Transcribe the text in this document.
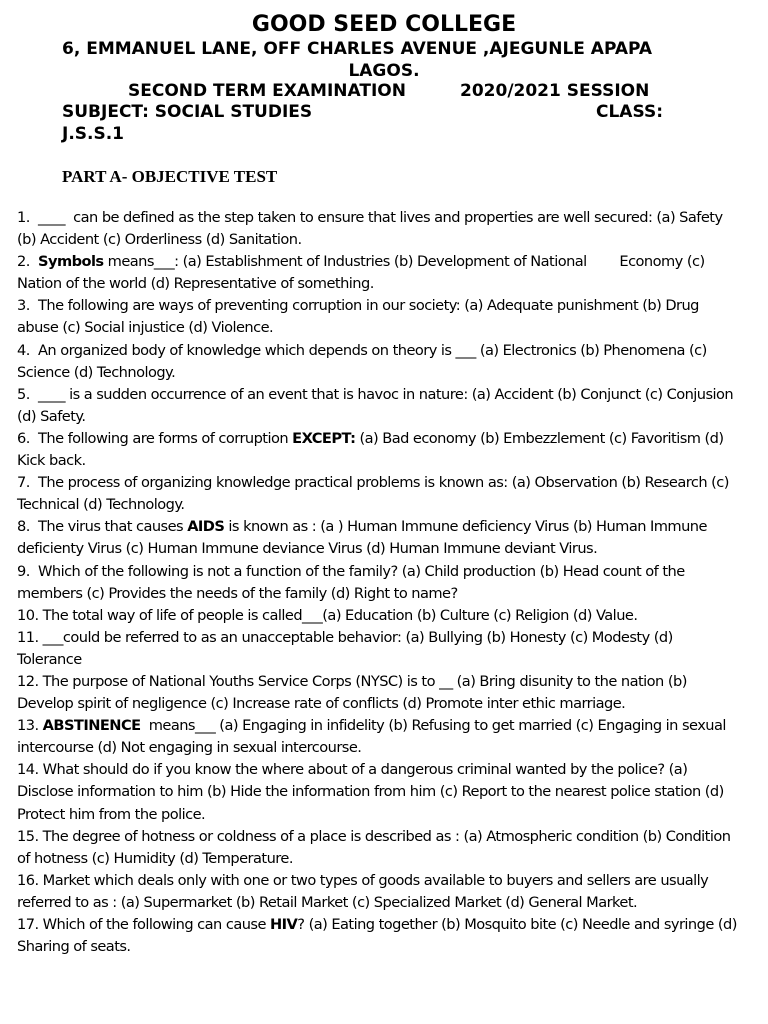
GOOD SEED COLLEGE
6, EMMANUEL LANE, OFF CHARLES AVENUE ,AJEGUNLE APAPA
LAGOS.
SECOND TERM EXAMINATION	2020/2021 SESSION
SUBJECT: SOCIAL STUDIES	CLASS:
J.S.S.1
PART A- OBJECTIVE TEST

1.  ____  can be defined as the step taken to ensure that lives and properties are well secured: (a) Safety (b) Accident (c) Orderliness (d) Sanitation.

2.  Symbols means___: (a) Establishment of Industries (b) Development of National        Economy (c) Nation of the world (d) Representative of something.

3.  The following are ways of preventing corruption in our society: (a) Adequate punishment (b) Drug abuse (c) Social injustice (d) Violence.

4.  An organized body of knowledge which depends on theory is ___ (a) Electronics (b) Phenomena (c) Science (d) Technology.

5.  ____ is a sudden occurrence of an event that is havoc in nature: (a) Accident (b) Conjunct (c) Conjusion (d) Safety.

6.  The following are forms of corruption EXCEPT: (a) Bad economy (b) Embezzlement (c) Favoritism (d) Kick back.

7.  The process of organizing knowledge practical problems is known as: (a) Observation (b) Research (c) Technical (d) Technology.

8.  The virus that causes AIDS is known as : (a ) Human Immune deficiency Virus (b) Human Immune deficienty Virus (c) Human Immune deviance Virus (d) Human Immune deviant Virus.

9.  Which of the following is not a function of the family? (a) Child production (b) Head count of the members (c) Provides the needs of the family (d) Right to name?

10. The total way of life of people is called___(a) Education (b) Culture (c) Religion (d) Value.

11. ___could be referred to as an unacceptable behavior: (a) Bullying (b) Honesty (c) Modesty (d) Tolerance

12. The purpose of National Youths Service Corps (NYSC) is to __ (a) Bring disunity to the nation (b) Develop spirit of negligence (c) Increase rate of conflicts (d) Promote inter ethic marriage.

13. ABSTINENCE  means___ (a) Engaging in infidelity (b) Refusing to get married (c) Engaging in sexual intercourse (d) Not engaging in sexual intercourse.

14. What should do if you know the where about of a dangerous criminal wanted by the police? (a) Disclose information to him (b) Hide the information from him (c) Report to the nearest police station (d) Protect him from the police.

15. The degree of hotness or coldness of a place is described as : (a) Atmospheric condition (b) Condition of hotness (c) Humidity (d) Temperature.

16. Market which deals only with one or two types of goods available to buyers and sellers are usually referred to as : (a) Supermarket (b) Retail Market (c) Specialized Market (d) General Market.

17. Which of the following can cause HIV? (a) Eating together (b) Mosquito bite (c) Needle and syringe (d) Sharing of seats.
